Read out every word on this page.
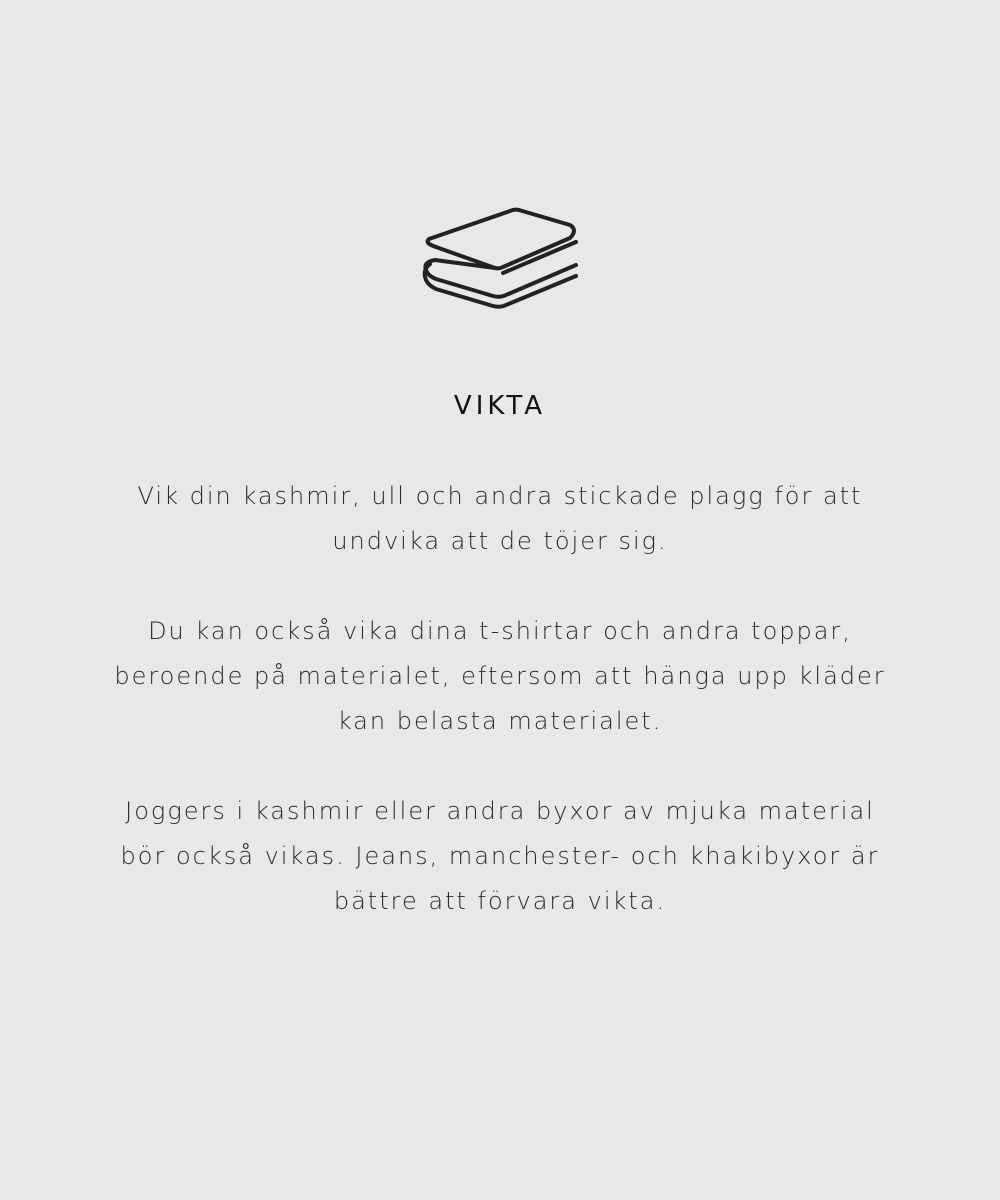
VIKTA

Vik din kashmir, ull och andra stickade plagg för att
undvika att de töjer sig.

Du kan också vika dina t-shirtar och andra toppar,
beroende på materialet, eftersom att hänga upp kläder
kan belasta materialet.

Joggers i kashmir eller andra byxor av mjuka material
bör också vikas. Jeans, manchester- och khakibyxor är
bättre att förvara vikta.
